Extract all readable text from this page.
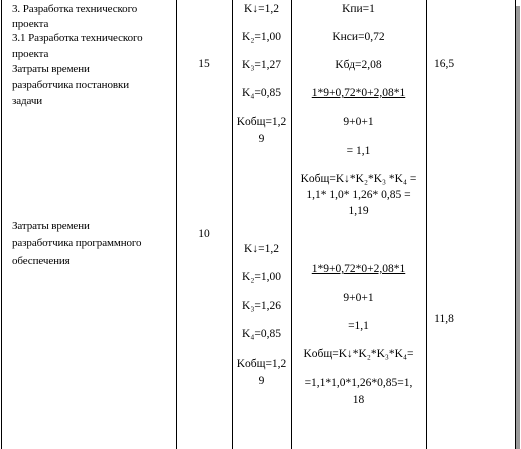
3. Разработка технического
проекта
3.1 Разработка технического
проекта
Затраты времени
разработчика постановки
задачи
Затраты времени
разработчика программного
обеспечения
15
10
K↓=1,2
K₂=1,00
K₃=1,27
K₄=0,85
Kобщ=1,2
9
K↓=1,2
K₂=1,00
K₃=1,26
K₄=0,85
Kобщ=1,2
9
Kпи=1
Kнси=0,72
Kбд=2,08
1*9+0,72*0+2,08*1
9+0+1
= 1,1
Kобщ=K↓*K₂*K₃ *K₄ =
1,1* 1,0* 1,26* 0,85 =
1,19
1*9+0,72*0+2,08*1
9+0+1
=1,1
Kобщ=K↓*K₂*K₃*K₄=
=1,1*1,0*1,26*0,85=1,
18
16,5
11,8
